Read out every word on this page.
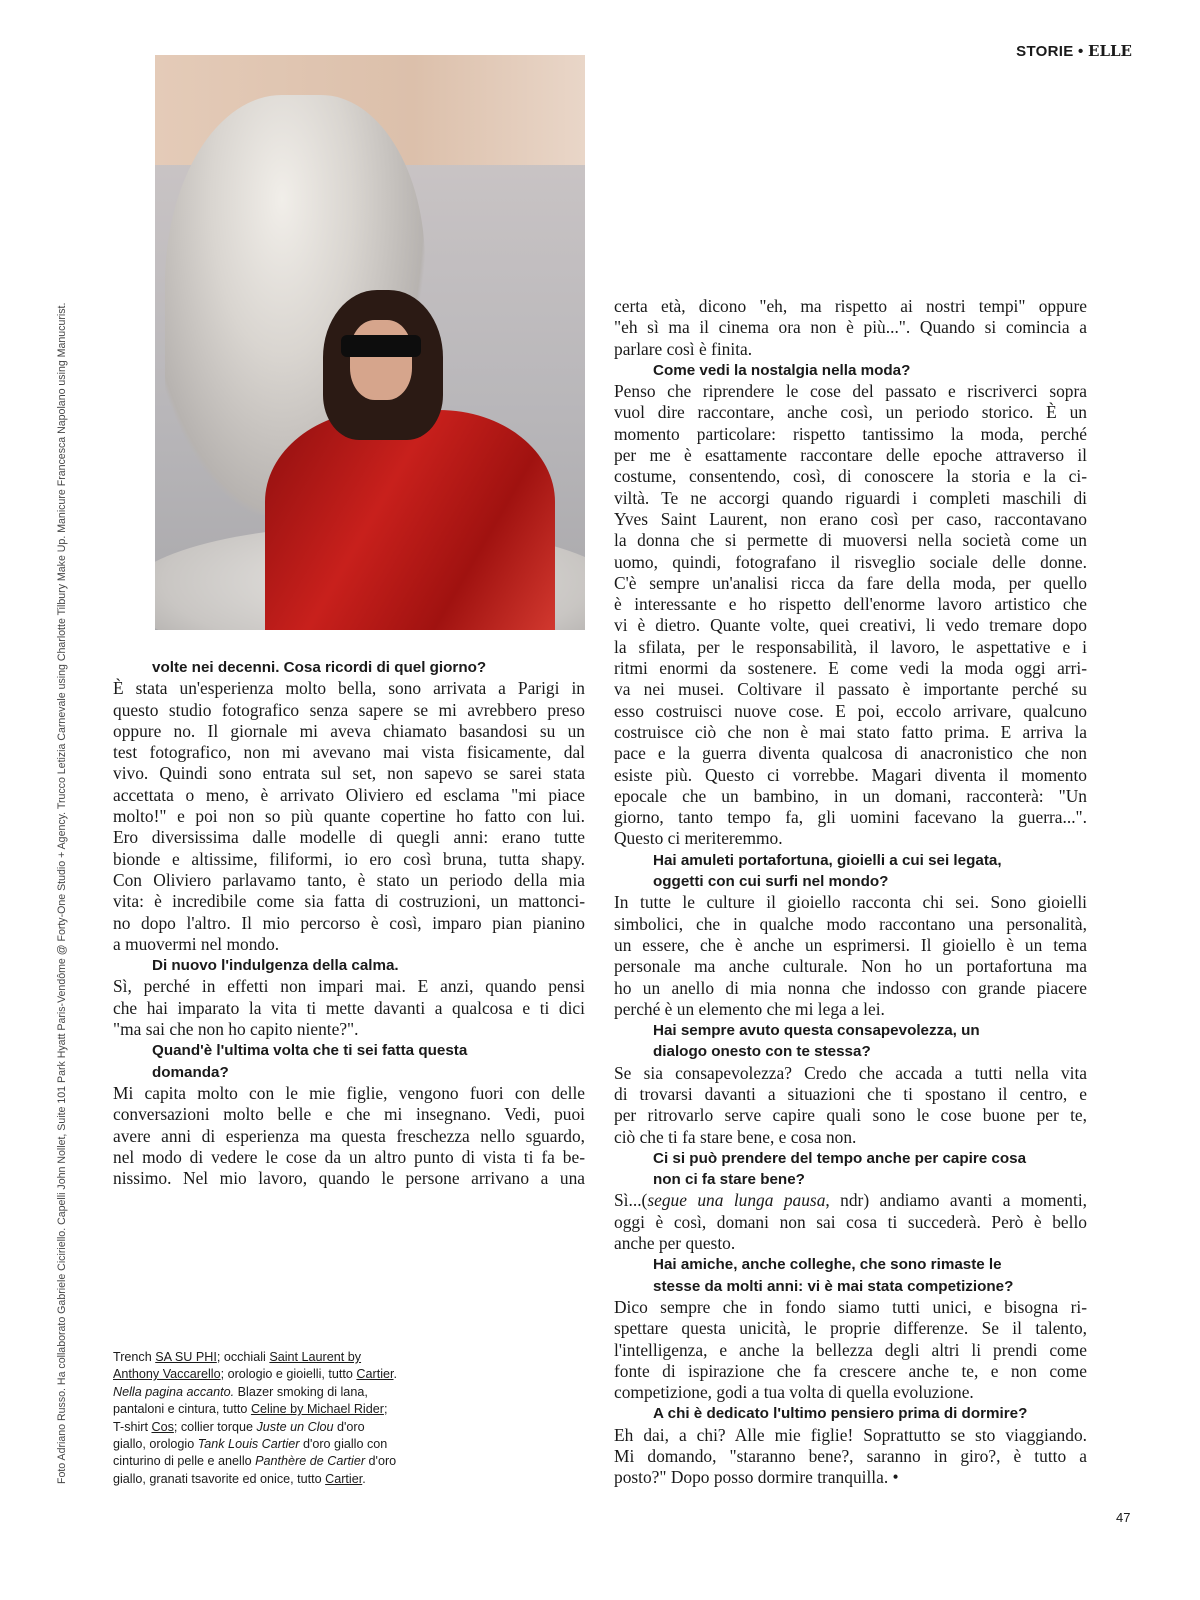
STORIE • ELLE
volte nei decenni. Cosa ricordi di quel giorno?
È stata un'esperienza molto bella, sono arrivata a Parigi in
questo studio fotografico senza sapere se mi avrebbero preso
oppure no. Il giornale mi aveva chiamato basandosi su un
test fotografico, non mi avevano mai vista fisicamente, dal
vivo. Quindi sono entrata sul set, non sapevo se sarei stata
accettata o meno, è arrivato Oliviero ed esclama "mi piace
molto!" e poi non so più quante copertine ho fatto con lui.
Ero diversissima dalle modelle di quegli anni: erano tutte
bionde e altissime, filiformi, io ero così bruna, tutta shapy.
Con Oliviero parlavamo tanto, è stato un periodo della mia
vita: è incredibile come sia fatta di costruzioni, un mattonci-
no dopo l'altro. Il mio percorso è così, imparo pian pianino
a muovermi nel mondo.
Di nuovo l'indulgenza della calma.
Sì, perché in effetti non impari mai. E anzi, quando pensi
che hai imparato la vita ti mette davanti a qualcosa e ti dici
"ma sai che non ho capito niente?".
Quand'è l'ultima volta che ti sei fatta questa
domanda?
Mi capita molto con le mie figlie, vengono fuori con delle
conversazioni molto belle e che mi insegnano. Vedi, puoi
avere anni di esperienza ma questa freschezza nello sguardo,
nel modo di vedere le cose da un altro punto di vista ti fa be-
nissimo. Nel mio lavoro, quando le persone arrivano a una
certa età, dicono "eh, ma rispetto ai nostri tempi" oppure
"eh sì ma il cinema ora non è più...". Quando si comincia a
parlare così è finita.
Come vedi la nostalgia nella moda?
Penso che riprendere le cose del passato e riscriverci sopra
vuol dire raccontare, anche così, un periodo storico. È un
momento particolare: rispetto tantissimo la moda, perché
per me è esattamente raccontare delle epoche attraverso il
costume, consentendo, così, di conoscere la storia e la ci-
viltà. Te ne accorgi quando riguardi i completi maschili di
Yves Saint Laurent, non erano così per caso, raccontavano
la donna che si permette di muoversi nella società come un
uomo, quindi, fotografano il risveglio sociale delle donne.
C'è sempre un'analisi ricca da fare della moda, per quello
è interessante e ho rispetto dell'enorme lavoro artistico che
vi è dietro. Quante volte, quei creativi, li vedo tremare dopo
la sfilata, per le responsabilità, il lavoro, le aspettative e i
ritmi enormi da sostenere. E come vedi la moda oggi arri-
va nei musei. Coltivare il passato è importante perché su
esso costruisci nuove cose. E poi, eccolo arrivare, qualcuno
costruisce ciò che non è mai stato fatto prima. E arriva la
pace e la guerra diventa qualcosa di anacronistico che non
esiste più. Questo ci vorrebbe. Magari diventa il momento
epocale che un bambino, in un domani, racconterà: "Un
giorno, tanto tempo fa, gli uomini facevano la guerra...".
Questo ci meriteremmo.
Hai amuleti portafortuna, gioielli a cui sei legata,
oggetti con cui surfi nel mondo?
In tutte le culture il gioiello racconta chi sei. Sono gioielli
simbolici, che in qualche modo raccontano una personalità,
un essere, che è anche un esprimersi. Il gioiello è un tema
personale ma anche culturale. Non ho un portafortuna ma
ho un anello di mia nonna che indosso con grande piacere
perché è un elemento che mi lega a lei.
Hai sempre avuto questa consapevolezza, un
dialogo onesto con te stessa?
Se sia consapevolezza? Credo che accada a tutti nella vita
di trovarsi davanti a situazioni che ti spostano il centro, e
per ritrovarlo serve capire quali sono le cose buone per te,
ciò che ti fa stare bene, e cosa non.
Ci si può prendere del tempo anche per capire cosa
non ci fa stare bene?
Sì...(segue una lunga pausa, ndr) andiamo avanti a momenti,
oggi è così, domani non sai cosa ti succederà. Però è bello
anche per questo.
Hai amiche, anche colleghe, che sono rimaste le
stesse da molti anni: vi è mai stata competizione?
Dico sempre che in fondo siamo tutti unici, e bisogna ri-
spettare questa unicità, le proprie differenze. Se il talento,
l'intelligenza, e anche la bellezza degli altri li prendi come
fonte di ispirazione che fa crescere anche te, e non come
competizione, godi a tua volta di quella evoluzione.
A chi è dedicato l'ultimo pensiero prima di dormire?
Eh dai, a chi? Alle mie figlie! Soprattutto se sto viaggiando.
Mi domando, "staranno bene?, saranno in giro?, è tutto a
posto?" Dopo posso dormire tranquilla. •
Trench SA SU PHI; occhiali Saint Laurent by
Anthony Vaccarello; orologio e gioielli, tutto Cartier.
Nella pagina accanto. Blazer smoking di lana,
pantaloni e cintura, tutto Celine by Michael Rider;
T-shirt Cos; collier torque Juste un Clou d'oro
giallo, orologio Tank Louis Cartier d'oro giallo con
cinturino di pelle e anello Panthère de Cartier d'oro
giallo, granati tsavorite ed onice, tutto Cartier.
Foto Adriano Russo. Ha collaborato Gabriele Ciciriello. Capelli John Nollet, Suite 101 Park Hyatt Paris-Vendôme @ Forty-One Studio + Agency. Trucco Letizia Carnevale using Charlotte Tilbury Make Up. Manicure Francesca Napolano using Manucurist.
47
